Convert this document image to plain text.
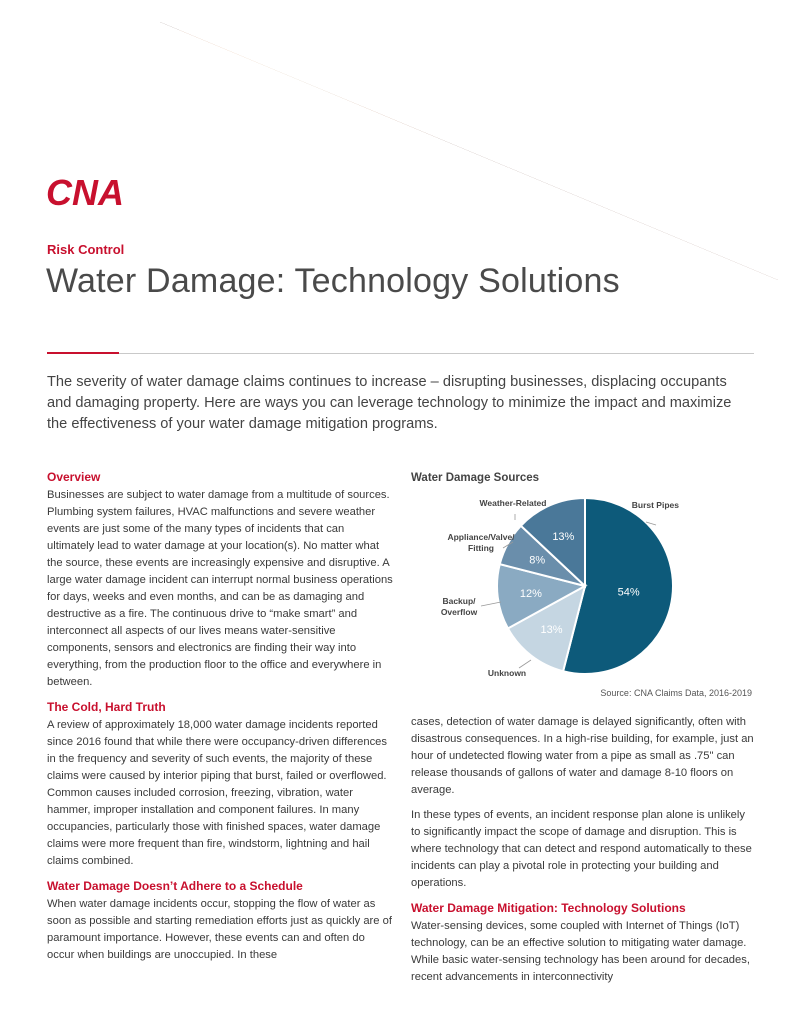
CNA
Risk Control
Water Damage: Technology Solutions

The severity of water damage claims continues to increase – disrupting businesses, displacing occupants and damaging property. Here are ways you can leverage technology to minimize the impact and maximize the effectiveness of your water damage mitigation programs.

Overview

Businesses are subject to water damage from a multitude of sources. Plumbing system failures, HVAC malfunctions and severe weather events are just some of the many types of incidents that can ultimately lead to water damage at your location(s). No matter what the source, these events are increasingly expensive and disruptive. A large water damage incident can interrupt normal business operations for days, weeks and even months, and can be as damaging and destructive as a fire. The continuous drive to “make smart” and interconnect all aspects of our lives means water-sensitive components, sensors and electronics are finding their way into everything, from the production floor to the office and everywhere in between.

The Cold, Hard Truth

A review of approximately 18,000 water damage incidents reported since 2016 found that while there were occupancy-driven differences in the frequency and severity of such events, the majority of these claims were caused by interior piping that burst, failed or overflowed. Common causes included corrosion, freezing, vibration, water hammer, improper installation and component failures. In many occupancies, particularly those with finished spaces, water damage claims were more frequent than fire, windstorm, lightning and hail claims combined.

Water Damage Doesn’t Adhere to a Schedule

When water damage incidents occur, stopping the flow of water as soon as possible and starting remediation efforts just as quickly are of paramount importance. However, these events can and often do occur when buildings are unoccupied. In these

Water Damage Sources
54%
Burst Pipes
13%
Unknown
12%
Backup/
Overflow
8%
Appliance/Valve/
Fitting
13%
Weather-Related
Source: CNA Claims Data, 2016-2019

cases, detection of water damage is delayed significantly, often with disastrous consequences. In a high-rise building, for example, just an hour of undetected flowing water from a pipe as small as .75" can release thousands of gallons of water and damage 8-10 floors on average.

In these types of events, an incident response plan alone is unlikely to significantly impact the scope of damage and disruption. This is where technology that can detect and respond automatically to these incidents can play a pivotal role in protecting your building and operations.

Water Damage Mitigation: Technology Solutions

Water-sensing devices, some coupled with Internet of Things (IoT) technology, can be an effective solution to mitigating water damage. While basic water-sensing technology has been around for decades, recent advancements in interconnectivity
